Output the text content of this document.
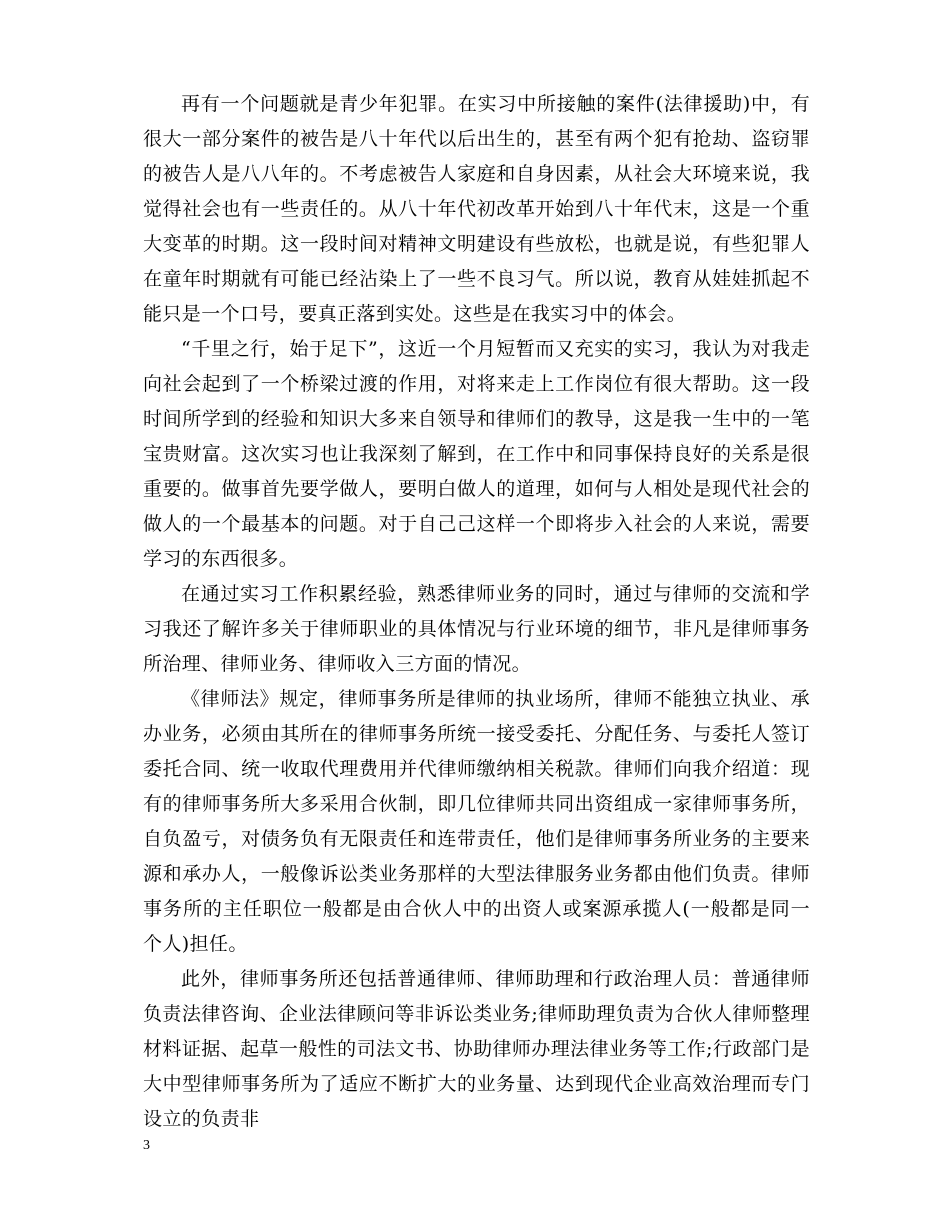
再有一个问题就是青少年犯罪。在实习中所接触的案件(法律援助)中，有很大一部分案件的被告是八十年代以后出生的，甚至有两个犯有抢劫、盗窃罪的被告人是八八年的。不考虑被告人家庭和自身因素，从社会大环境来说，我觉得社会也有一些责任的。从八十年代初改革开始到八十年代末，这是一个重大变革的时期。这一段时间对精神文明建设有些放松，也就是说，有些犯罪人在童年时期就有可能已经沾染上了一些不良习气。所以说，教育从娃娃抓起不能只是一个口号，要真正落到实处。这些是在我实习中的体会。

“千里之行，始于足下”，这近一个月短暂而又充实的实习，我认为对我走向社会起到了一个桥梁过渡的作用，对将来走上工作岗位有很大帮助。这一段时间所学到的经验和知识大多来自领导和律师们的教导，这是我一生中的一笔宝贵财富。这次实习也让我深刻了解到，在工作中和同事保持良好的关系是很重要的。做事首先要学做人，要明白做人的道理，如何与人相处是现代社会的做人的一个最基本的问题。对于自己己这样一个即将步入社会的人来说，需要学习的东西很多。

在通过实习工作积累经验，熟悉律师业务的同时，通过与律师的交流和学习我还了解许多关于律师职业的具体情况与行业环境的细节，非凡是律师事务所治理、律师业务、律师收入三方面的情况。

《律师法》规定，律师事务所是律师的执业场所，律师不能独立执业、承办业务，必须由其所在的律师事务所统一接受委托、分配任务、与委托人签订委托合同、统一收取代理费用并代律师缴纳相关税款。律师们向我介绍道：现有的律师事务所大多采用合伙制，即几位律师共同出资组成一家律师事务所，自负盈亏，对债务负有无限责任和连带责任，他们是律师事务所业务的主要来源和承办人，一般像诉讼类业务那样的大型法律服务业务都由他们负责。律师事务所的主任职位一般都是由合伙人中的出资人或案源承揽人(一般都是同一个人)担任。

此外，律师事务所还包括普通律师、律师助理和行政治理人员：普通律师负责法律咨询、企业法律顾问等非诉讼类业务;律师助理负责为合伙人律师整理材料证据、起草一般性的司法文书、协助律师办理法律业务等工作;行政部门是大中型律师事务所为了适应不断扩大的业务量、达到现代企业高效治理而专门设立的负责非

3
